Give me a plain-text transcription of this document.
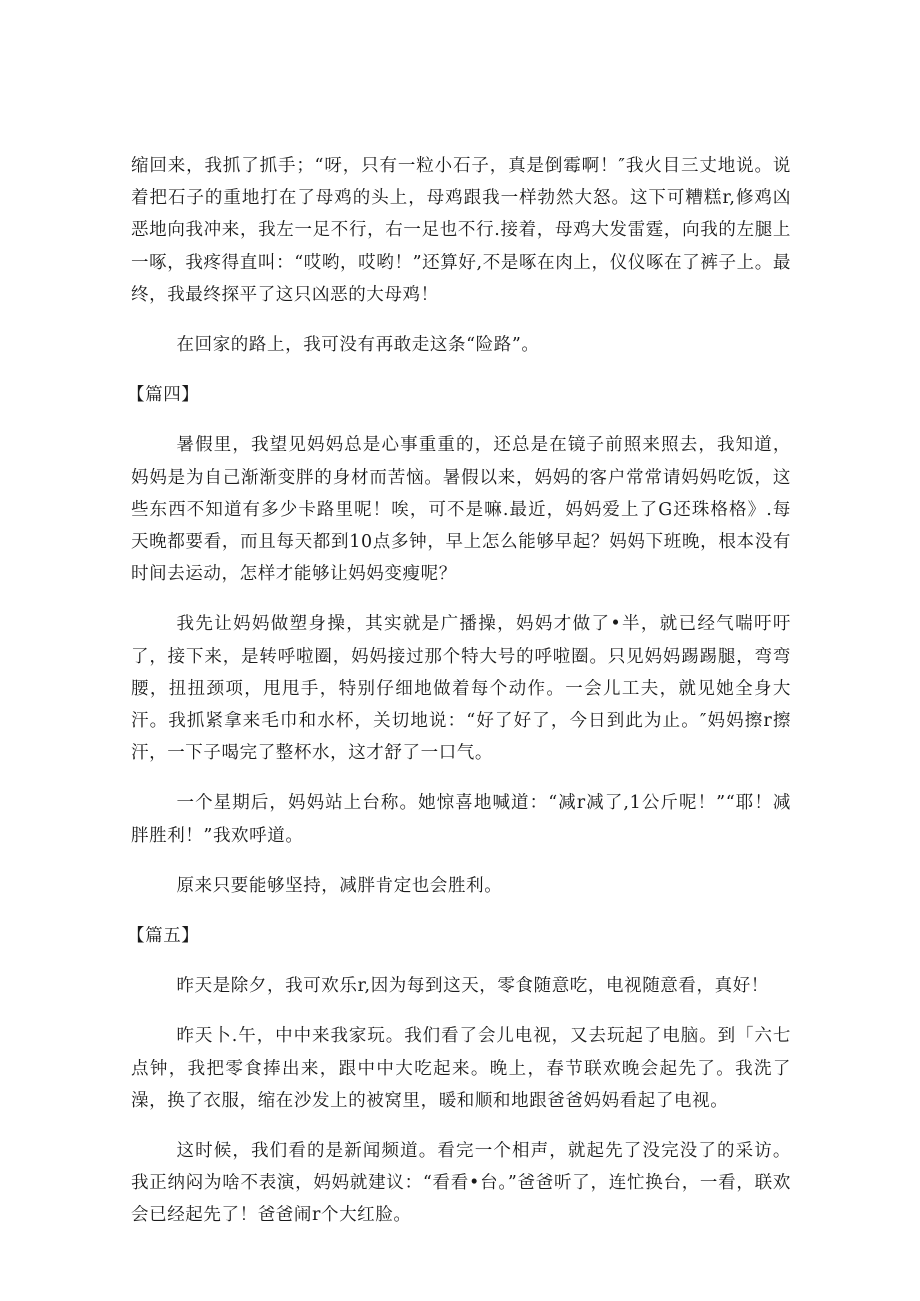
缩回来，我抓了抓手；“呀，只有一粒小石子，真是倒霉啊！″我火目三丈地说。说着把石子的重地打在了母鸡的头上，母鸡跟我一样勃然大怒。这下可糟糕r,修鸡凶恶地向我冲来，我左一足不行，右一足也不行.接着，母鸡大发雷霆，向我的左腿上一啄，我疼得直叫：“哎哟，哎哟！”还算好,不是啄在肉上，仪仪啄在了裤子上。最终，我最终探平了这只凶恶的大母鸡！

在回家的路上，我可没有再敢走这条“险路”。

【篇四】

暑假里，我望见妈妈总是心事重重的，还总是在镜子前照来照去，我知道，妈妈是为自己渐渐变胖的身材而苦恼。暑假以来，妈妈的客户常常请妈妈吃饭，这些东西不知道有多少卡路里呢！唉，可不是嘛.最近，妈妈爱上了G还珠格格》.每天晚都要看，而且每天都到10点多钟，早上怎么能够早起？妈妈下班晚，根本没有时间去运动，怎样才能够让妈妈变瘦呢？

我先让妈妈做塑身操，其实就是广播操，妈妈才做了•半，就已经气喘吁吁了，接下来，是转呼啦圈，妈妈接过那个特大号的呼啦圈。只见妈妈踢踢腿，弯弯腰，扭扭颈项，甩甩手，特别仔细地做着每个动作。一会儿工夫，就见她全身大汗。我抓紧拿来毛巾和水杯，关切地说：“好了好了，今日到此为止。″妈妈擦r擦汗，一下子喝完了整杯水，这才舒了一口气。

一个星期后，妈妈站上台称。她惊喜地喊道：“减r减了,1公斤呢！”“耶！减胖胜利！”我欢呼道。

原来只要能够坚持，减胖肯定也会胜利。

【篇五】

昨天是除夕，我可欢乐r,因为每到这天，零食随意吃，电视随意看，真好！

昨天卜.午，中中来我家玩。我们看了会儿电视，又去玩起了电脑。到「六七点钟，我把零食捧出来，跟中中大吃起来。晚上，春节联欢晚会起先了。我洗了澡，换了衣服，缩在沙发上的被窝里，暖和顺和地跟爸爸妈妈看起了电视。

这时候，我们看的是新闻频道。看完一个相声，就起先了没完没了的采访。我正纳闷为啥不表演，妈妈就建议：“看看•台。”爸爸听了，连忙换台，一看，联欢会已经起先了！爸爸闹r个大红脸。
